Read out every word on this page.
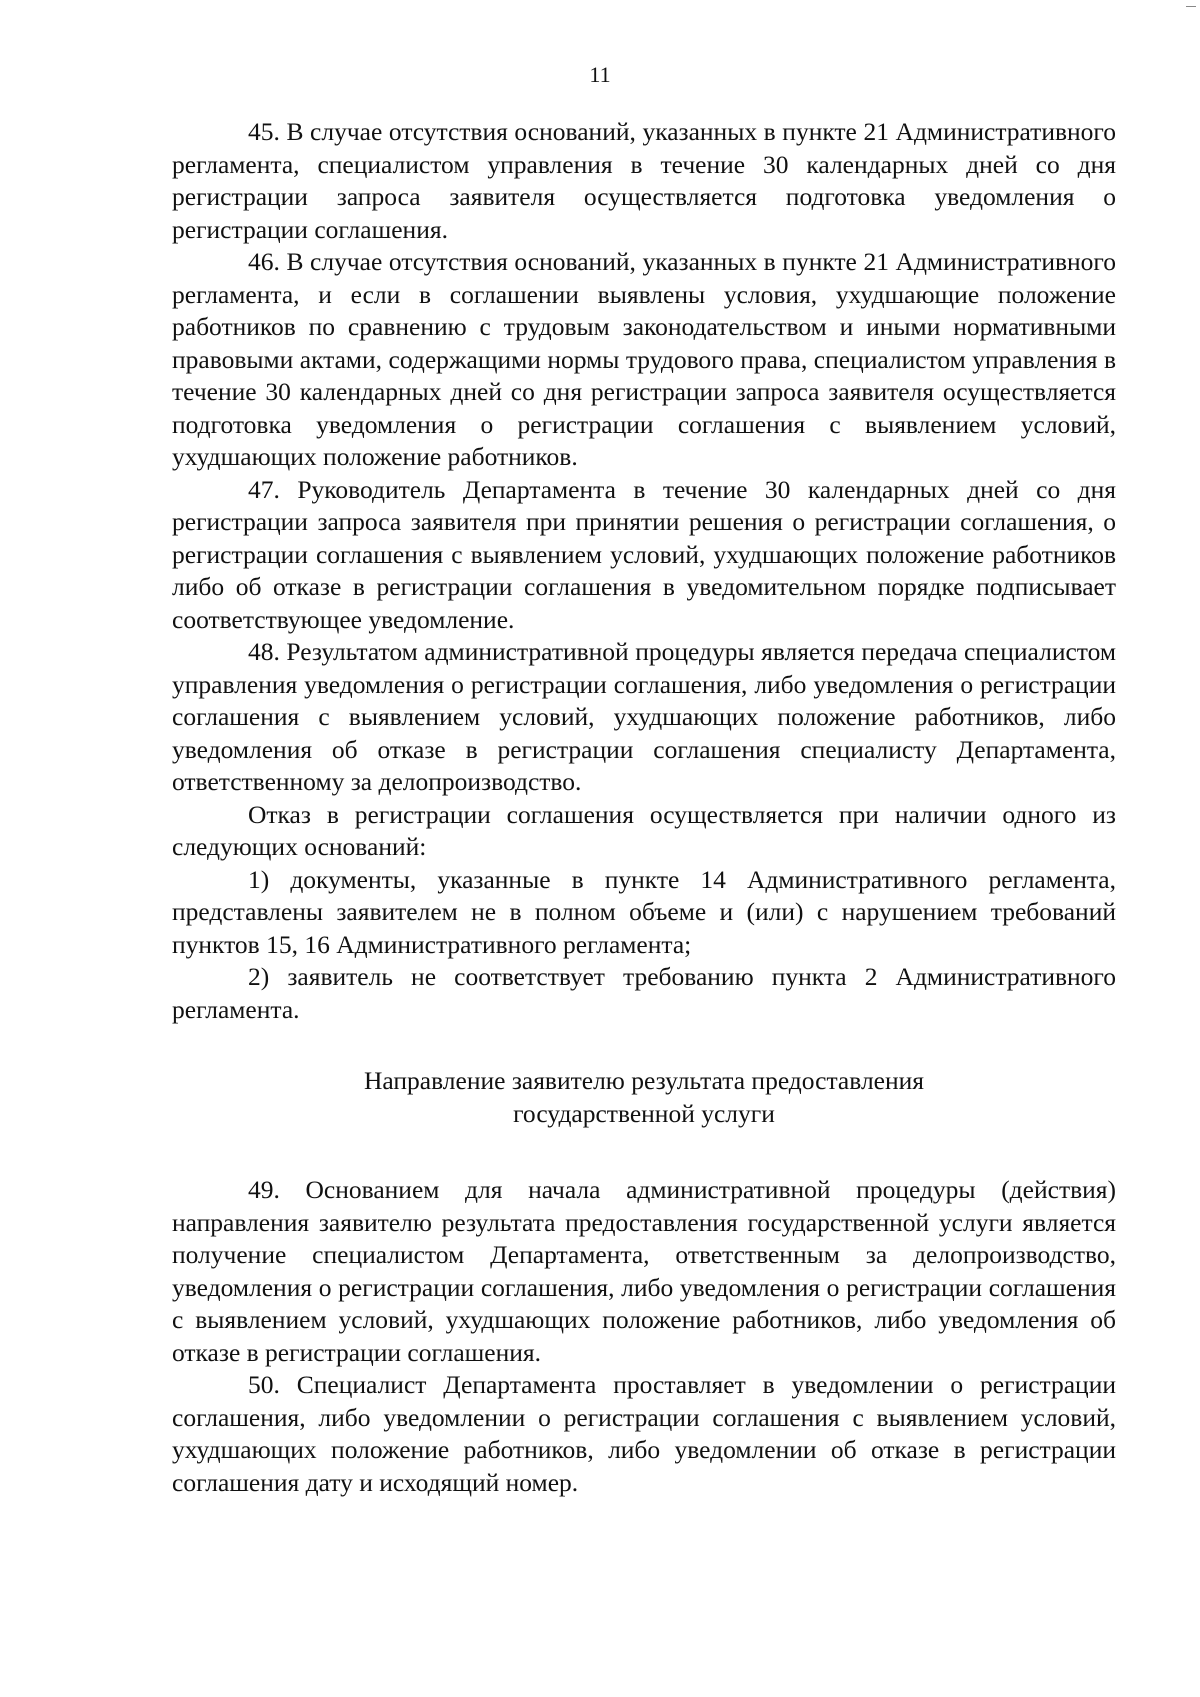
11

45. В случае отсутствия оснований, указанных в пункте 21 Административного регламента, специалистом управления в течение 30 календарных дней со дня регистрации запроса заявителя осуществляется подготовка уведомления о регистрации соглашения.

46. В случае отсутствия оснований, указанных в пункте 21 Административного регламента, и если в соглашении выявлены условия, ухудшающие положение работников по сравнению с трудовым законодательством и иными нормативными правовыми актами, содержащими нормы трудового права, специалистом управления в течение 30 календарных дней со дня регистрации запроса заявителя осуществляется подготовка уведомления о регистрации соглашения с выявлением условий, ухудшающих положение работников.

47. Руководитель Департамента в течение 30 календарных дней со дня регистрации запроса заявителя при принятии решения о регистрации соглашения, о регистрации соглашения с выявлением условий, ухудшающих положение работников либо об отказе в регистрации соглашения в уведомительном порядке подписывает соответствующее уведомление.

48. Результатом административной процедуры является передача специалистом управления уведомления о регистрации соглашения, либо уведомления о регистрации соглашения с выявлением условий, ухудшающих положение работников, либо уведомления об отказе в регистрации соглашения специалисту Департамента, ответственному за делопроизводство.

Отказ в регистрации соглашения осуществляется при наличии одного из следующих оснований:

1) документы, указанные в пункте 14 Административного регламента, представлены заявителем не в полном объеме и (или) с нарушением требований пунктов 15, 16 Административного регламента;

2) заявитель не соответствует требованию пункта 2 Административного регламента.

Направление заявителю результата предоставления
государственной услуги

49. Основанием для начала административной процедуры (действия) направления заявителю результата предоставления государственной услуги является получение специалистом Департамента, ответственным за делопроизводство, уведомления о регистрации соглашения, либо уведомления о регистрации соглашения с выявлением условий, ухудшающих положение работников, либо уведомления об отказе в регистрации соглашения.

50. Специалист Департамента проставляет в уведомлении о регистрации соглашения, либо уведомлении о регистрации соглашения с выявлением условий, ухудшающих положение работников, либо уведомлении об отказе в регистрации соглашения дату и исходящий номер.
